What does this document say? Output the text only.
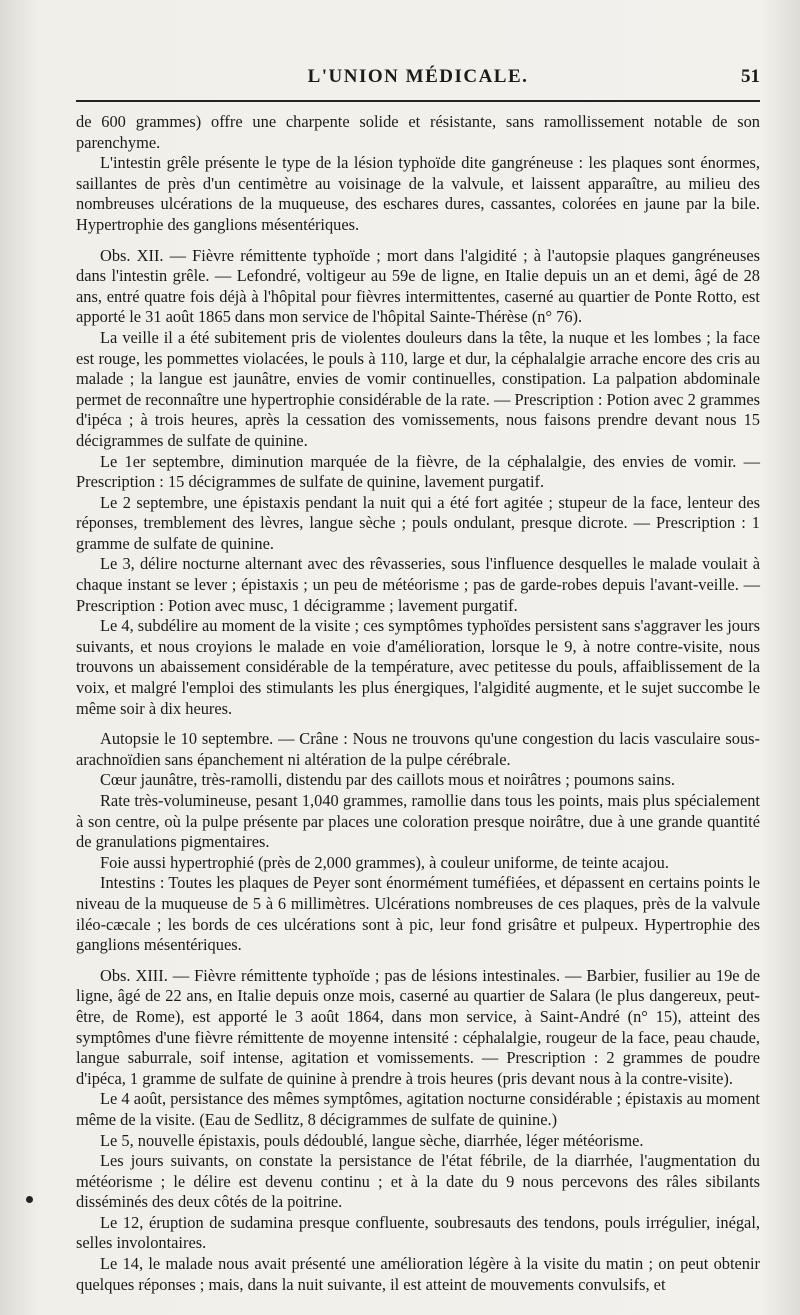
L'UNION MÉDICALE.	51

de 600 grammes) offre une charpente solide et résistante, sans ramollissement notable de son parenchyme.

L'intestin grêle présente le type de la lésion typhoïde dite gangréneuse : les plaques sont énormes, saillantes de près d'un centimètre au voisinage de la valvule, et laissent apparaître, au milieu des nombreuses ulcérations de la muqueuse, des eschares dures, cassantes, colorées en jaune par la bile. Hypertrophie des ganglions mésentériques.

Obs. XII. — Fièvre rémittente typhoïde ; mort dans l'algidité ; à l'autopsie plaques gangréneuses dans l'intestin grêle. — Lefondré, voltigeur au 59e de ligne, en Italie depuis un an et demi, âgé de 28 ans, entré quatre fois déjà à l'hôpital pour fièvres intermittentes, caserné au quartier de Ponte Rotto, est apporté le 31 août 1865 dans mon service de l'hôpital Sainte-Thérèse (n° 76).

La veille il a été subitement pris de violentes douleurs dans la tête, la nuque et les lombes ; la face est rouge, les pommettes violacées, le pouls à 110, large et dur, la céphalalgie arrache encore des cris au malade ; la langue est jaunâtre, envies de vomir continuelles, constipation. La palpation abdominale permet de reconnaître une hypertrophie considérable de la rate. — Prescription : Potion avec 2 grammes d'ipéca ; à trois heures, après la cessation des vomissements, nous faisons prendre devant nous 15 décigrammes de sulfate de quinine.

Le 1er septembre, diminution marquée de la fièvre, de la céphalalgie, des envies de vomir. — Prescription : 15 décigrammes de sulfate de quinine, lavement purgatif.

Le 2 septembre, une épistaxis pendant la nuit qui a été fort agitée ; stupeur de la face, lenteur des réponses, tremblement des lèvres, langue sèche ; pouls ondulant, presque dicrote. — Prescription : 1 gramme de sulfate de quinine.

Le 3, délire nocturne alternant avec des rêvasseries, sous l'influence desquelles le malade voulait à chaque instant se lever ; épistaxis ; un peu de météorisme ; pas de garde-robes depuis l'avant-veille. — Prescription : Potion avec musc, 1 décigramme ; lavement purgatif.

Le 4, subdélire au moment de la visite ; ces symptômes typhoïdes persistent sans s'aggraver les jours suivants, et nous croyions le malade en voie d'amélioration, lorsque le 9, à notre contre-visite, nous trouvons un abaissement considérable de la température, avec petitesse du pouls, affaiblissement de la voix, et malgré l'emploi des stimulants les plus énergiques, l'algidité augmente, et le sujet succombe le même soir à dix heures.

Autopsie le 10 septembre. — Crâne : Nous ne trouvons qu'une congestion du lacis vasculaire sous-arachnoïdien sans épanchement ni altération de la pulpe cérébrale.

Cœur jaunâtre, très-ramolli, distendu par des caillots mous et noirâtres ; poumons sains.

Rate très-volumineuse, pesant 1,040 grammes, ramollie dans tous les points, mais plus spécialement à son centre, où la pulpe présente par places une coloration presque noirâtre, due à une grande quantité de granulations pigmentaires.

Foie aussi hypertrophié (près de 2,000 grammes), à couleur uniforme, de teinte acajou.

Intestins : Toutes les plaques de Peyer sont énormément tuméfiées, et dépassent en certains points le niveau de la muqueuse de 5 à 6 millimètres. Ulcérations nombreuses de ces plaques, près de la valvule iléo-cæcale ; les bords de ces ulcérations sont à pic, leur fond grisâtre et pulpeux. Hypertrophie des ganglions mésentériques.

Obs. XIII. — Fièvre rémittente typhoïde ; pas de lésions intestinales. — Barbier, fusilier au 19e de ligne, âgé de 22 ans, en Italie depuis onze mois, caserné au quartier de Salara (le plus dangereux, peut-être, de Rome), est apporté le 3 août 1864, dans mon service, à Saint-André (n° 15), atteint des symptômes d'une fièvre rémittente de moyenne intensité : céphalalgie, rougeur de la face, peau chaude, langue saburrale, soif intense, agitation et vomissements. — Prescription : 2 grammes de poudre d'ipéca, 1 gramme de sulfate de quinine à prendre à trois heures (pris devant nous à la contre-visite).

Le 4 août, persistance des mêmes symptômes, agitation nocturne considérable ; épistaxis au moment même de la visite. (Eau de Sedlitz, 8 décigrammes de sulfate de quinine.)

Le 5, nouvelle épistaxis, pouls dédoublé, langue sèche, diarrhée, léger météorisme.

Les jours suivants, on constate la persistance de l'état fébrile, de la diarrhée, l'augmentation du météorisme ; le délire est devenu continu ; et à la date du 9 nous percevons des râles sibilants disséminés des deux côtés de la poitrine.

Le 12, éruption de sudamina presque confluente, soubresauts des tendons, pouls irrégulier, inégal, selles involontaires.

Le 14, le malade nous avait présenté une amélioration légère à la visite du matin ; on peut obtenir quelques réponses ; mais, dans la nuit suivante, il est atteint de mouvements convulsifs, et
